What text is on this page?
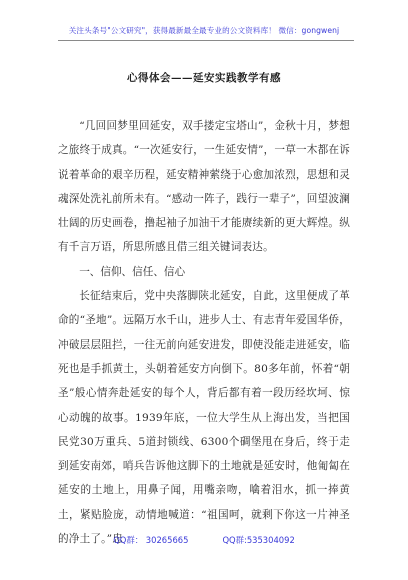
关注头条号"公文研究"，获得最新最全最专业的公文资料库！ 微信：gongwenj
心得体会——延安实践教学有感

“几回回梦里回延安，双手搂定宝塔山”，金秋十月，梦想之旅终于成真。“一次延安行，一生延安情”，一草一木都在诉说着革命的艰辛历程，延安精神萦绕于心愈加浓烈，思想和灵魂深处洗礼前所未有。“感动一阵子，践行一辈子”，回望波澜壮阔的历史画卷，撸起袖子加油干才能赓续新的更大辉煌。纵有千言万语，所思所感且借三组关键词表达。

一、信仰、信任、信心

长征结束后，党中央落脚陕北延安，自此，这里便成了革命的“圣地”。远隔万水千山，进步人士、有志青年爱国华侨，冲破层层阻拦，一往无前向延安进发，即使没能走进延安，临死也是手抓黄土，头朝着延安方向倒下。80多年前，怀着“朝圣”般心情奔赴延安的每个人，背后都有着一段历经坎坷、惊心动魄的故事。1939年底，一位大学生从上海出发，当把国民党30万重兵、5道封锁线、6300个碉堡甩在身后，终于走到延安南郊，哨兵告诉他这脚下的土地就是延安时，他匍匐在延安的土地上，用鼻子闻，用嘴亲吻，噙着泪水，抓一捧黄土，紧贴脸庞，动情地喊道：“祖国呵，就剩下你这一片神圣的净土了。”忠

QQ群： 30265665	QQ群:535304092
